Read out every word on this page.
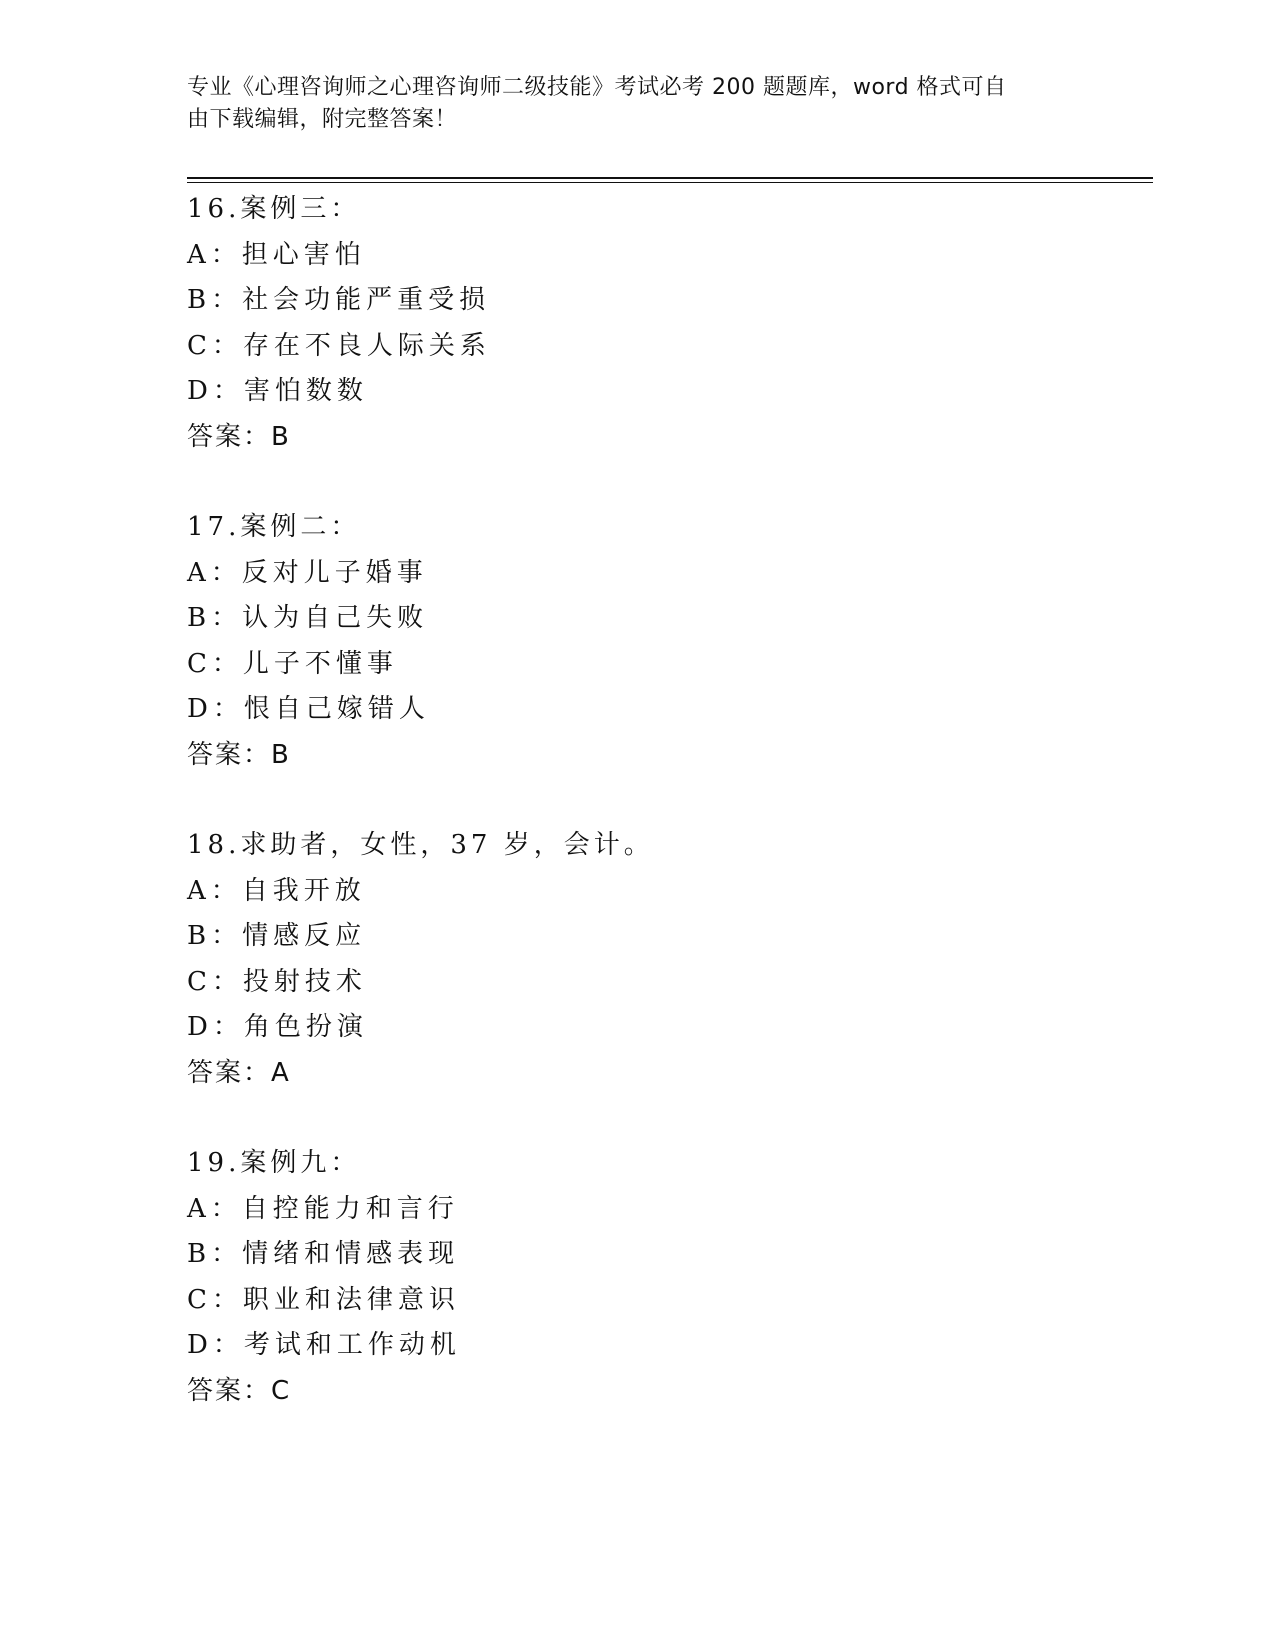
专业《心理咨询师之心理咨询师二级技能》考试必考 200 题题库，word 格式可自
由下载编辑，附完整答案！
16.案例三：
A：担心害怕
B：社会功能严重受损
C：存在不良人际关系
D：害怕数数
答案：B
17.案例二：
A：反对儿子婚事
B：认为自己失败
C：儿子不懂事
D：恨自己嫁错人
答案：B
18.求助者，女性，37 岁，会计。
A：自我开放
B：情感反应
C：投射技术
D：角色扮演
答案：A
19.案例九：
A：自控能力和言行
B：情绪和情感表现
C：职业和法律意识
D：考试和工作动机
答案：C
